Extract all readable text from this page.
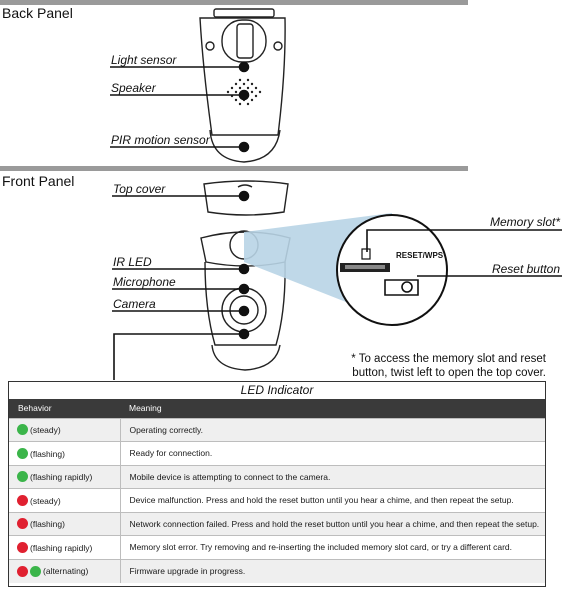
Back Panel
Front Panel
Light sensor
Speaker
PIR motion sensor
Top cover
IR LED
Microphone
Camera
Memory slot*
Reset button
RESET/WPS
* To access the memory slot and reset
button, twist left to open the top cover.
LED Indicator
Behavior	Meaning
(steady)	Operating correctly.
(flashing)	Ready for connection.
(flashing rapidly)	Mobile device is attempting to connect to the camera.
(steady)	Device malfunction. Press and hold the reset button until you hear a chime, and then repeat the setup.
(flashing)	Network connection failed. Press and hold the reset button until you hear a chime, and then repeat the setup.
(flashing rapidly)	Memory slot error. Try removing and re-inserting the included memory slot card, or try a different card.
(alternating)	Firmware upgrade in progress.
